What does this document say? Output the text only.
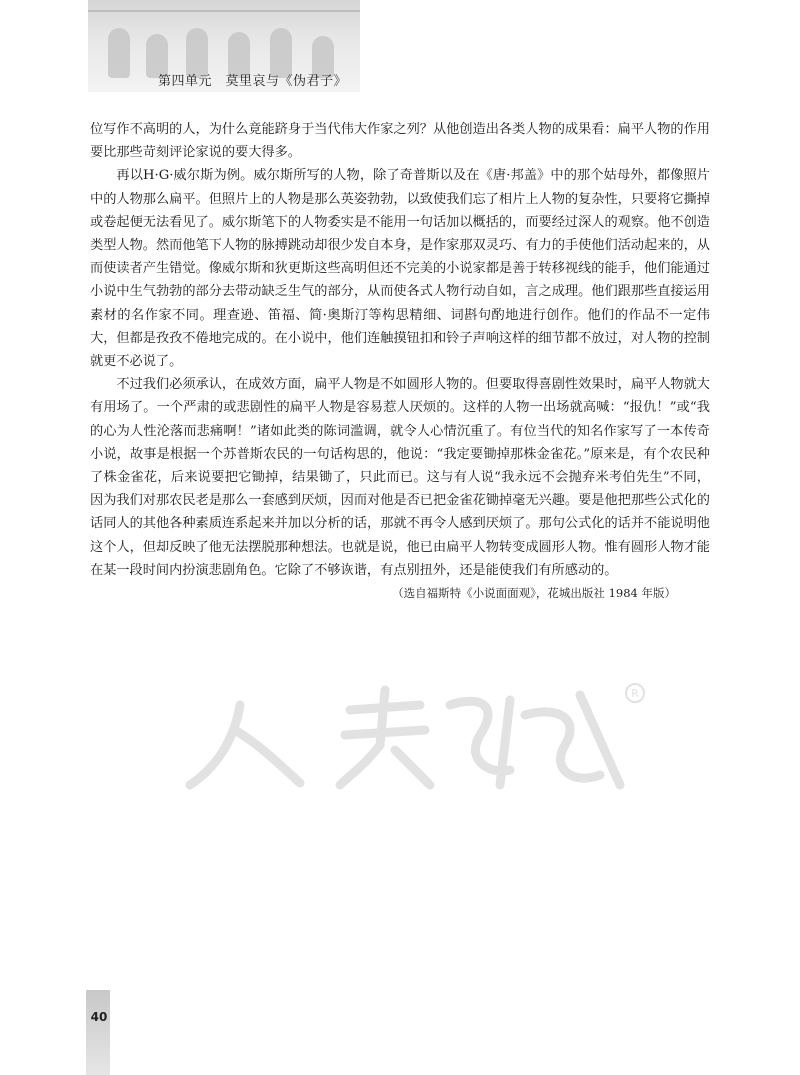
第四单元　莫里哀与《伪君子》

位写作不高明的人，为什么竟能跻身于当代伟大作家之列？从他创造出各类人物的成果看：扁平人物的作用要比那些苛刻评论家说的要大得多。

再以H·G·威尔斯为例。威尔斯所写的人物，除了奇普斯以及在《唐·邦盖》中的那个姑母外，都像照片中的人物那么扁平。但照片上的人物是那么英姿勃勃，以致使我们忘了相片上人物的复杂性，只要将它撕掉或卷起便无法看见了。威尔斯笔下的人物委实是不能用一句话加以概括的，而要经过深人的观察。他不创造类型人物。然而他笔下人物的脉搏跳动却很少发自本身，是作家那双灵巧、有力的手使他们活动起来的，从而使读者产生错觉。像威尔斯和狄更斯这些高明但还不完美的小说家都是善于转移视线的能手，他们能通过小说中生气勃勃的部分去带动缺乏生气的部分，从而使各式人物行动自如，言之成理。他们跟那些直接运用素材的名作家不同。理查逊、笛福、简·奥斯汀等构思精细、词斟句酌地进行创作。他们的作品不一定伟大，但都是孜孜不倦地完成的。在小说中，他们连触摸钮扣和铃子声响这样的细节都不放过，对人物的控制就更不必说了。

不过我们必须承认，在成效方面，扁平人物是不如圆形人物的。但要取得喜剧性效果时，扁平人物就大有用场了。一个严肃的或悲剧性的扁平人物是容易惹人厌烦的。这样的人物一出场就高喊：“报仇！”或“我的心为人性沦落而悲痛啊！”诸如此类的陈词滥调，就令人心情沉重了。有位当代的知名作家写了一本传奇小说，故事是根据一个苏普斯农民的一句话构思的，他说：“我定要锄掉那株金雀花。”原来是，有个农民种了株金雀花，后来说要把它锄掉，结果锄了，只此而已。这与有人说“我永远不会抛弃米考伯先生”不同，因为我们对那农民老是那么一套感到厌烦，因而对他是否已把金雀花锄掉毫无兴趣。要是他把那些公式化的话同人的其他各种素质连系起来并加以分析的话，那就不再令人感到厌烦了。那句公式化的话并不能说明他这个人，但却反映了他无法摆脱那种想法。也就是说，他已由扁平人物转变成圆形人物。惟有圆形人物才能在某一段时间内扮演悲剧角色。它除了不够诙谐，有点别扭外，还是能使我们有所感动的。

（选自福斯特《小说面面观》，花城出版社 1984 年版）
R
40
